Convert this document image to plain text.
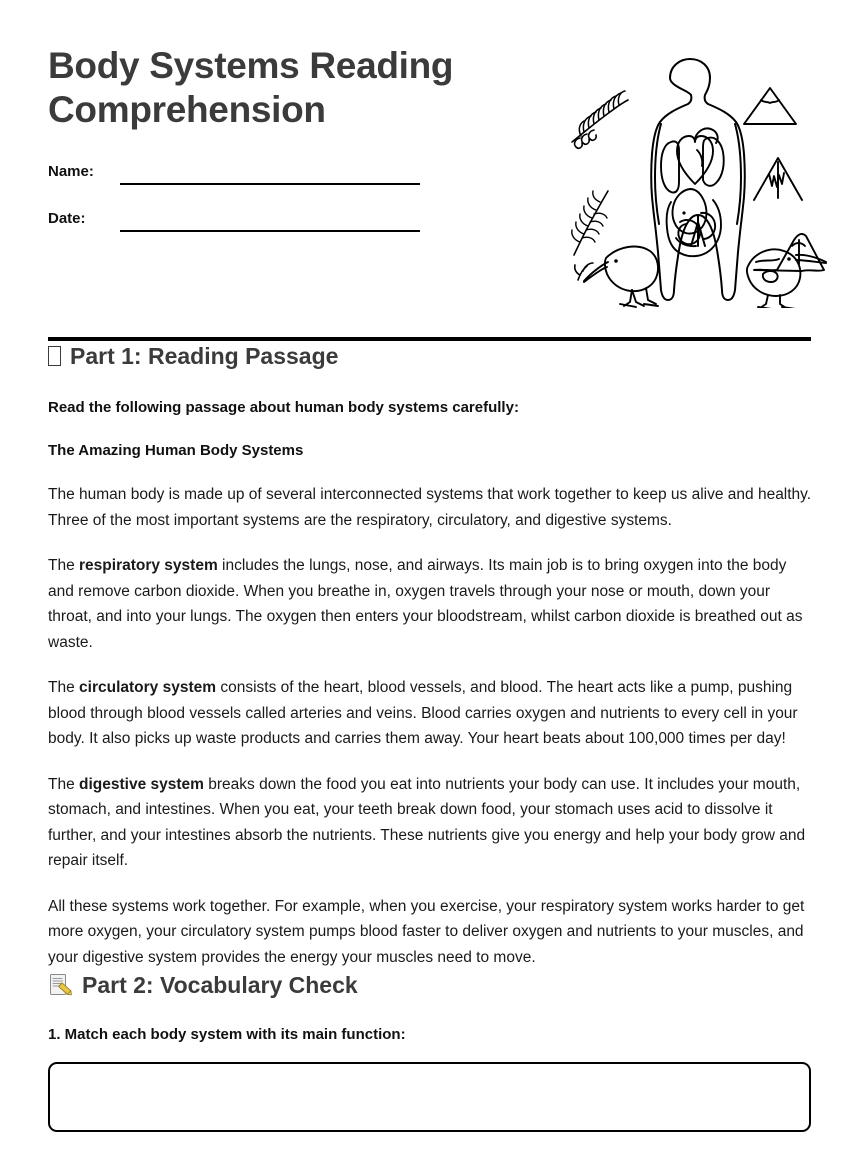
Body Systems Reading Comprehension
Name:
Date:
Part 1: Reading Passage

Read the following passage about human body systems carefully:

The Amazing Human Body Systems

The human body is made up of several interconnected systems that work together to keep us alive and healthy. Three of the most important systems are the respiratory, circulatory, and digestive systems.

The respiratory system includes the lungs, nose, and airways. Its main job is to bring oxygen into the body and remove carbon dioxide. When you breathe in, oxygen travels through your nose or mouth, down your throat, and into your lungs. The oxygen then enters your bloodstream, whilst carbon dioxide is breathed out as waste.

The circulatory system consists of the heart, blood vessels, and blood. The heart acts like a pump, pushing blood through blood vessels called arteries and veins. Blood carries oxygen and nutrients to every cell in your body. It also picks up waste products and carries them away. Your heart beats about 100,000 times per day!

The digestive system breaks down the food you eat into nutrients your body can use. It includes your mouth, stomach, and intestines. When you eat, your teeth break down food, your stomach uses acid to dissolve it further, and your intestines absorb the nutrients. These nutrients give you energy and help your body grow and repair itself.

All these systems work together. For example, when you exercise, your respiratory system works harder to get more oxygen, your circulatory system pumps blood faster to deliver oxygen and nutrients to your muscles, and your digestive system provides the energy your muscles need to move.

Part 2: Vocabulary Check

1. Match each body system with its main function:
